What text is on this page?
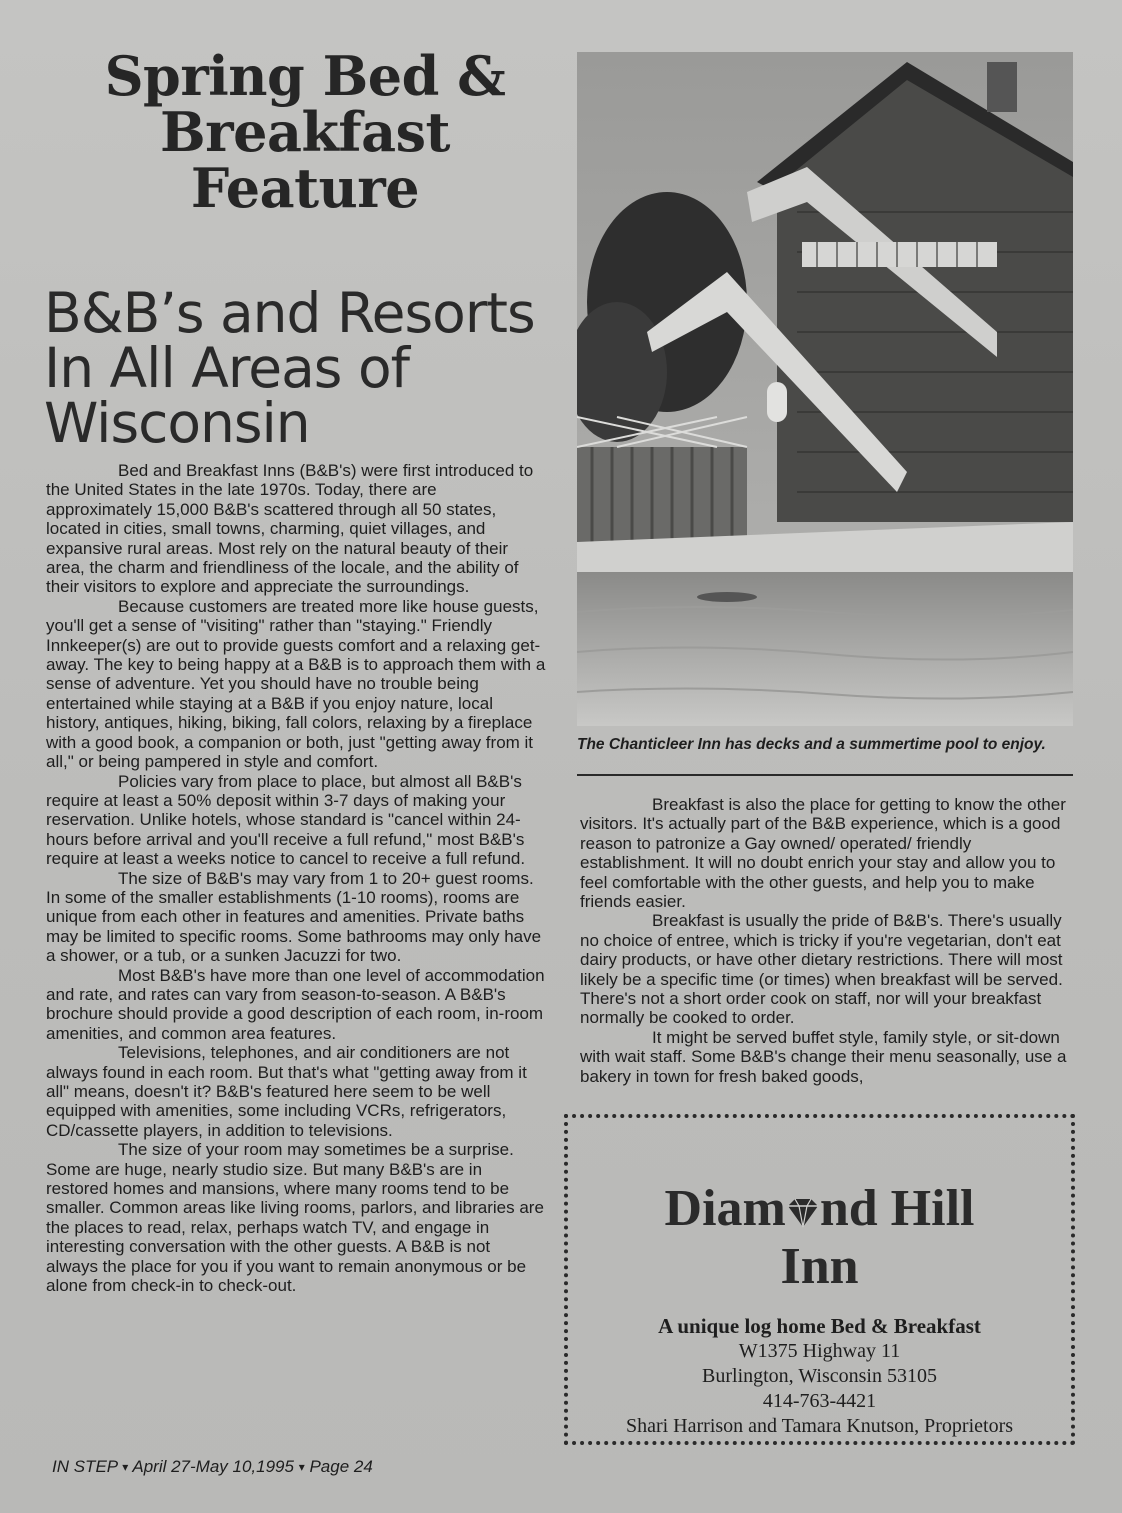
Spring Bed &
Breakfast
Feature
B&B’s and Resorts
In All Areas of
Wisconsin

Bed and Breakfast Inns (B&B's) were first introduced to the United States in the late 1970s. Today, there are approximately 15,000 B&B's scattered through all 50 states, located in cities, small towns, charming, quiet villages, and expansive rural areas. Most rely on the natural beauty of their area, the charm and friendliness of the locale, and the ability of their visitors to explore and appreciate the surroundings.

Because customers are treated more like house guests, you'll get a sense of "visiting" rather than "staying." Friendly Innkeeper(s) are out to provide guests comfort and a relaxing get-away. The key to being happy at a B&B is to approach them with a sense of adventure. Yet you should have no trouble being entertained while staying at a B&B if you enjoy nature, local history, antiques, hiking, biking, fall colors, relaxing by a fireplace with a good book, a companion or both, just "getting away from it all," or being pampered in style and comfort.

Policies vary from place to place, but almost all B&B's require at least a 50% deposit within 3-7 days of making your reservation. Unlike hotels, whose standard is "cancel within 24-hours before arrival and you'll receive a full refund," most B&B's require at least a weeks notice to cancel to receive a full refund.

The size of B&B's may vary from 1 to 20+ guest rooms. In some of the smaller establishments (1-10 rooms), rooms are unique from each other in features and amenities. Private baths may be limited to specific rooms. Some bathrooms may only have a shower, or a tub, or a sunken Jacuzzi for two.

Most B&B's have more than one level of accommodation and rate, and rates can vary from season-to-season. A B&B's brochure should provide a good description of each room, in-room amenities, and common area features.

Televisions, telephones, and air conditioners are not always found in each room. But that's what "getting away from it all" means, doesn't it? B&B's featured here seem to be well equipped with amenities, some including VCRs, refrigerators, CD/cassette players, in addition to televisions.

The size of your room may sometimes be a surprise. Some are huge, nearly studio size. But many B&B's are in restored homes and mansions, where many rooms tend to be smaller. Common areas like living rooms, parlors, and libraries are the places to read, relax, perhaps watch TV, and engage in interesting conversation with the other guests. A B&B is not always the place for you if you want to remain anonymous or be alone from check-in to check-out.

The Chanticleer Inn has decks and a summertime pool to enjoy.

Breakfast is also the place for getting to know the other visitors. It's actually part of the B&B experience, which is a good reason to patronize a Gay owned/ operated/ friendly establishment. It will no doubt enrich your stay and allow you to feel comfortable with the other guests, and help you to make friends easier.

Breakfast is usually the pride of B&B's. There's usually no choice of entree, which is tricky if you're vegetarian, don't eat dairy products, or have other dietary restrictions. There will most likely be a specific time (or times) when breakfast will be served. There's not a short order cook on staff, nor will your breakfast normally be cooked to order.

It might be served buffet style, family style, or sit-down with wait staff. Some B&B's change their menu seasonally, use a bakery in town for fresh baked goods,

Diam nd Hill
Inn
A unique log home Bed & Breakfast
W1375 Highway 11
Burlington, Wisconsin 53105
414-763-4421
Shari Harrison and Tamara Knutson, Proprietors
IN STEP ▾ April 27-May 10,1995 ▾ Page 24
